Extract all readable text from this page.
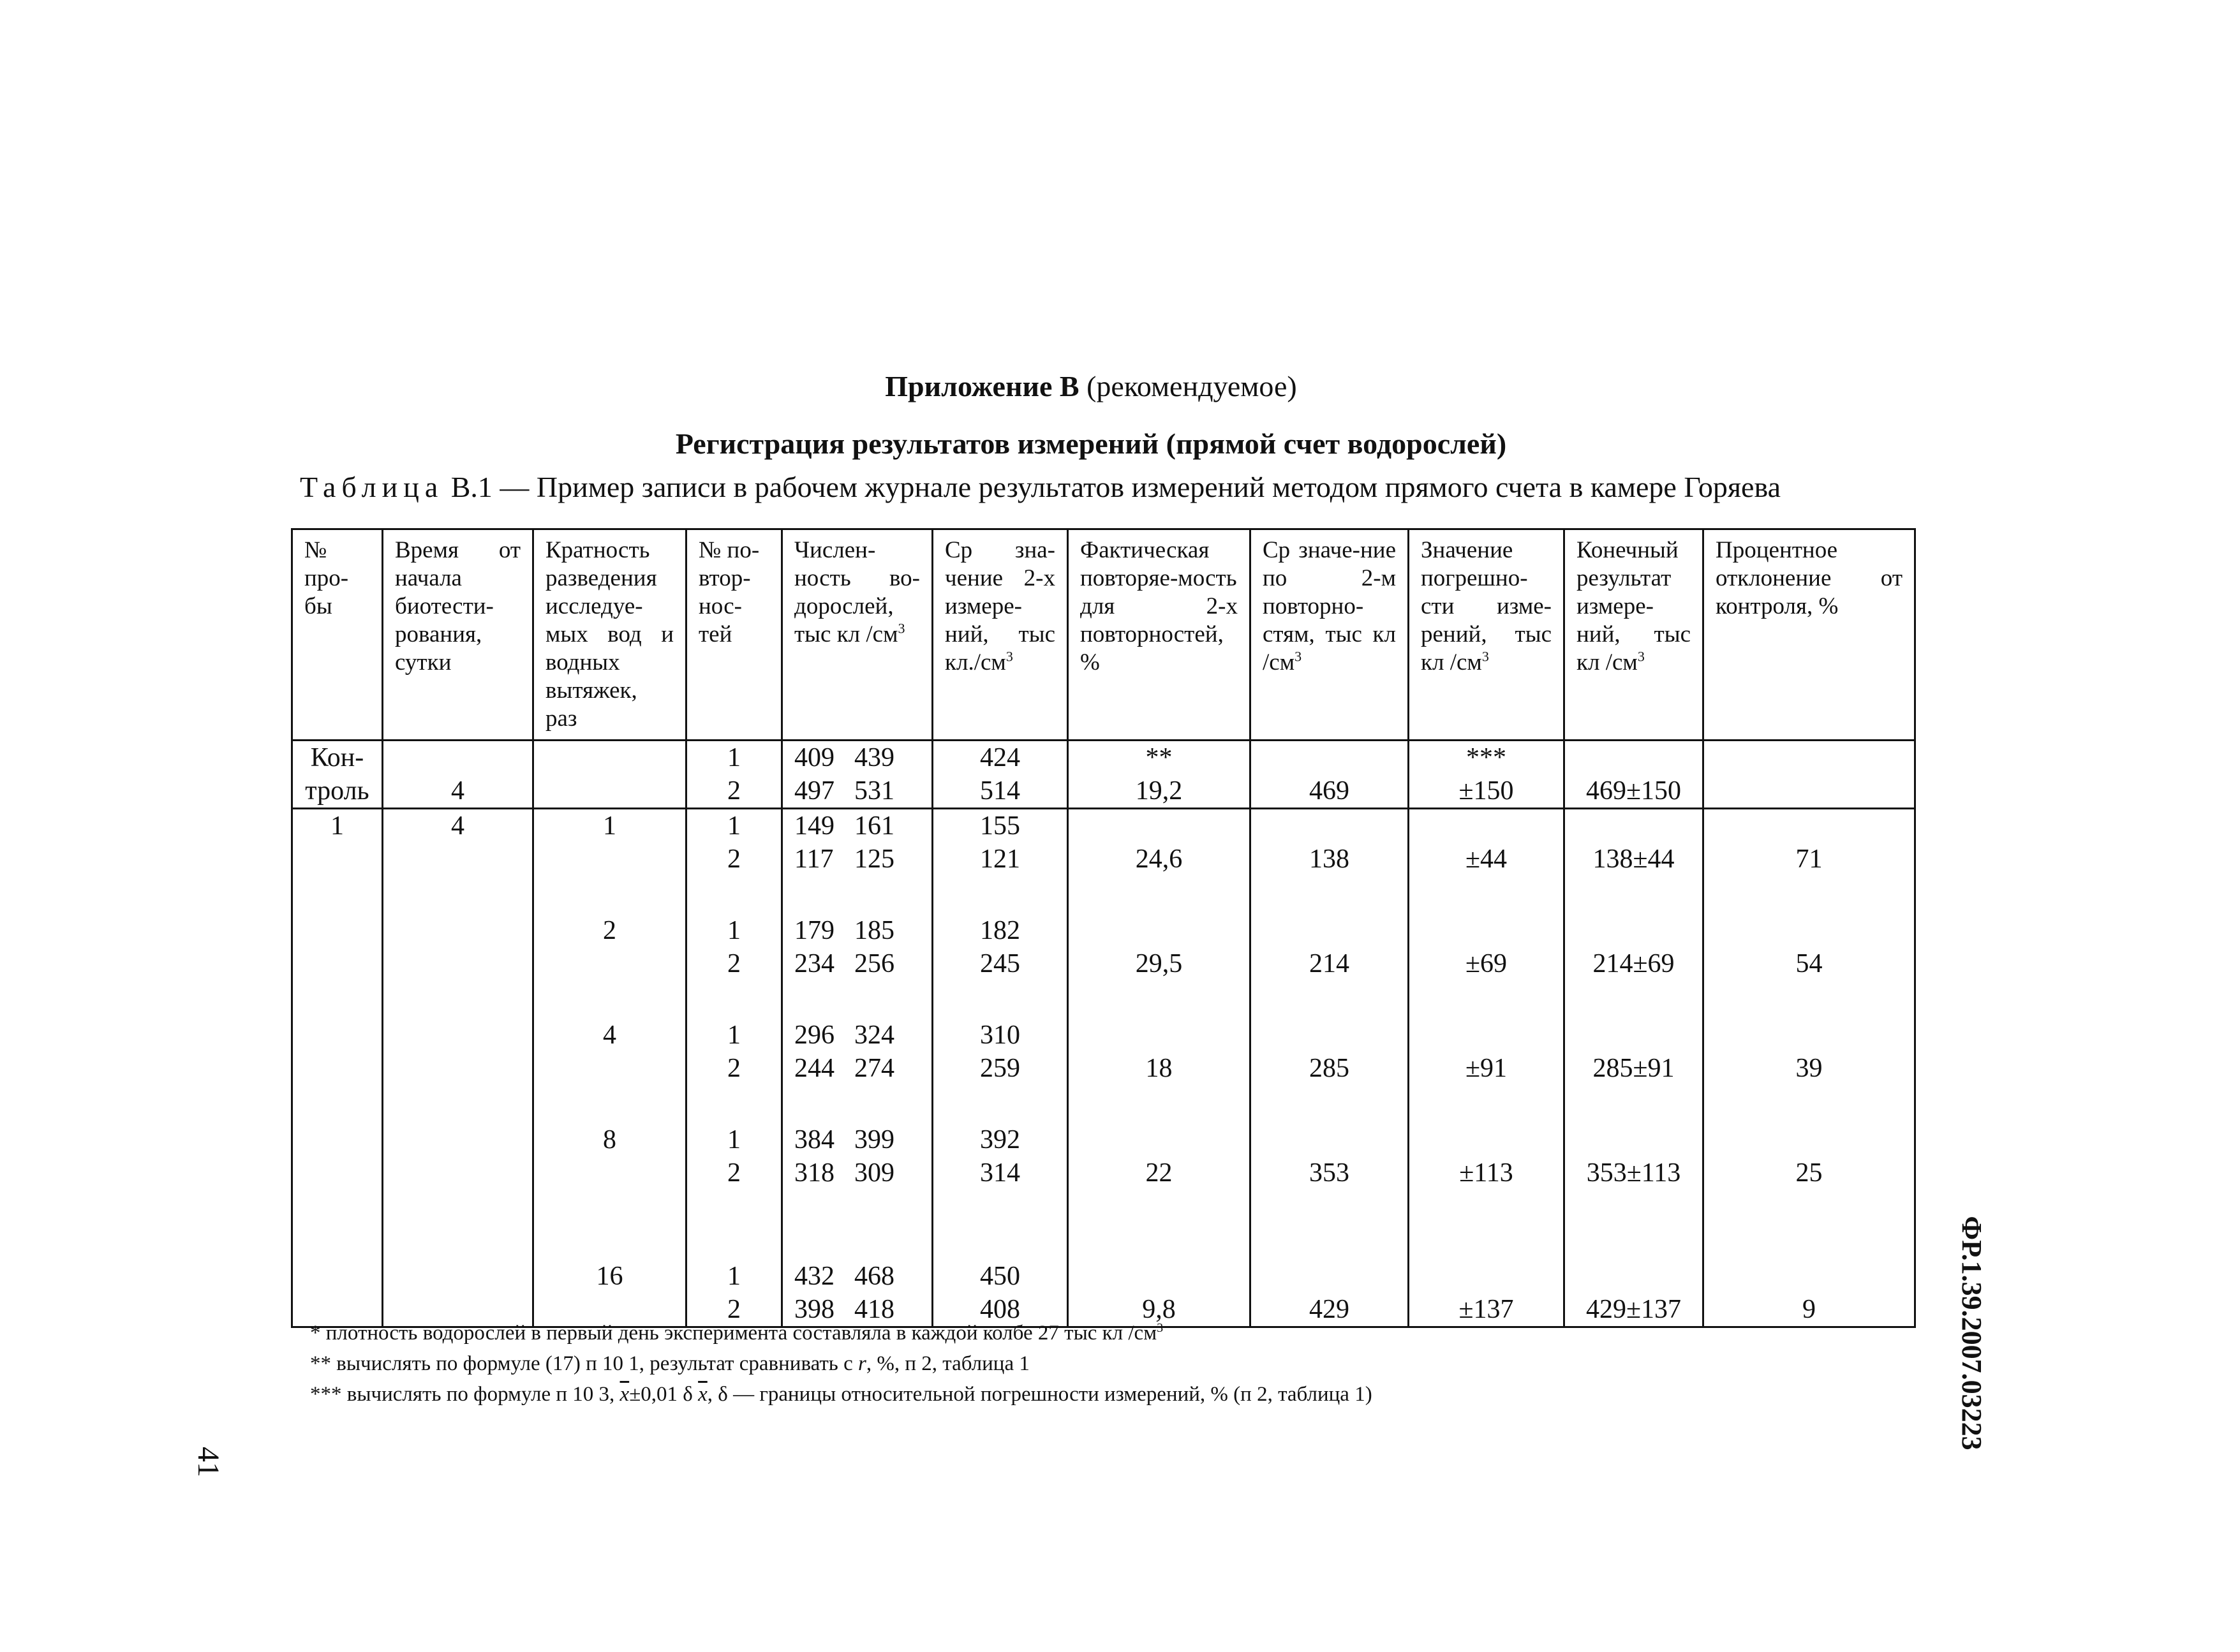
Приложение В (рекомендуемое)
Регистрация результатов измерений (прямой счет водорослей)
Таблица В.1 — Пример записи в рабочем журнале результатов измерений методом прямого счета в камере Горяева
№ про-бы	Время от начала биотести-рования, сутки	Кратность разведения исследуе-мых вод и водных вытяжек, раз	№ по-втор-нос-тей	Числен-ность во-дорослей, тыс кл $/см^3$	Ср зна-чение 2-х измере-ний, тыс $кл./см^3$	Фактическая повторяе-мость для 2-х повторностей, %	Ср значе-ние по 2-м повторно-стям, тыс кл $/см^3$	Значение погрешно-сти изме-рений, тыс кл $/см^3$	Конечный результат измере-ний, тыс кл $/см^3$	Процентное отклонение от контроля, %
Кон-			1	409 439	424	**		***		
троль	4		2	497 531	514	19,2	469	±150	469±150	
1	4	1	1	149 161	155					
			2	117 125	121	24,6	138	±44	138±44	71

		2	1	179 185	182					
			2	234 256	245	29,5	214	±69	214±69	54

		4	1	296 324	310					
			2	244 274	259	18	285	±91	285±91	39

		8	1	384 399	392					
			2	318 309	314	22	353	±113	353±113	25

		16	1	432 468	450					
			2	398 418	408	9,8	429	±137	429±137	9
* плотность водорослей в первый день эксперимента составляла в каждой колбе 27 тыс кл $/см^3$
** вычислять по формуле (17) п 10 1, результат сравнивать с r, %, п 2, таблица 1
*** вычислять по формуле п 10 3, $\overline{x}\pm 0,01$ δ $\overline{x}$, δ — границы относительной погрешности измерений, % (п 2, таблица 1)
41
ФР.1.39.2007.03223
